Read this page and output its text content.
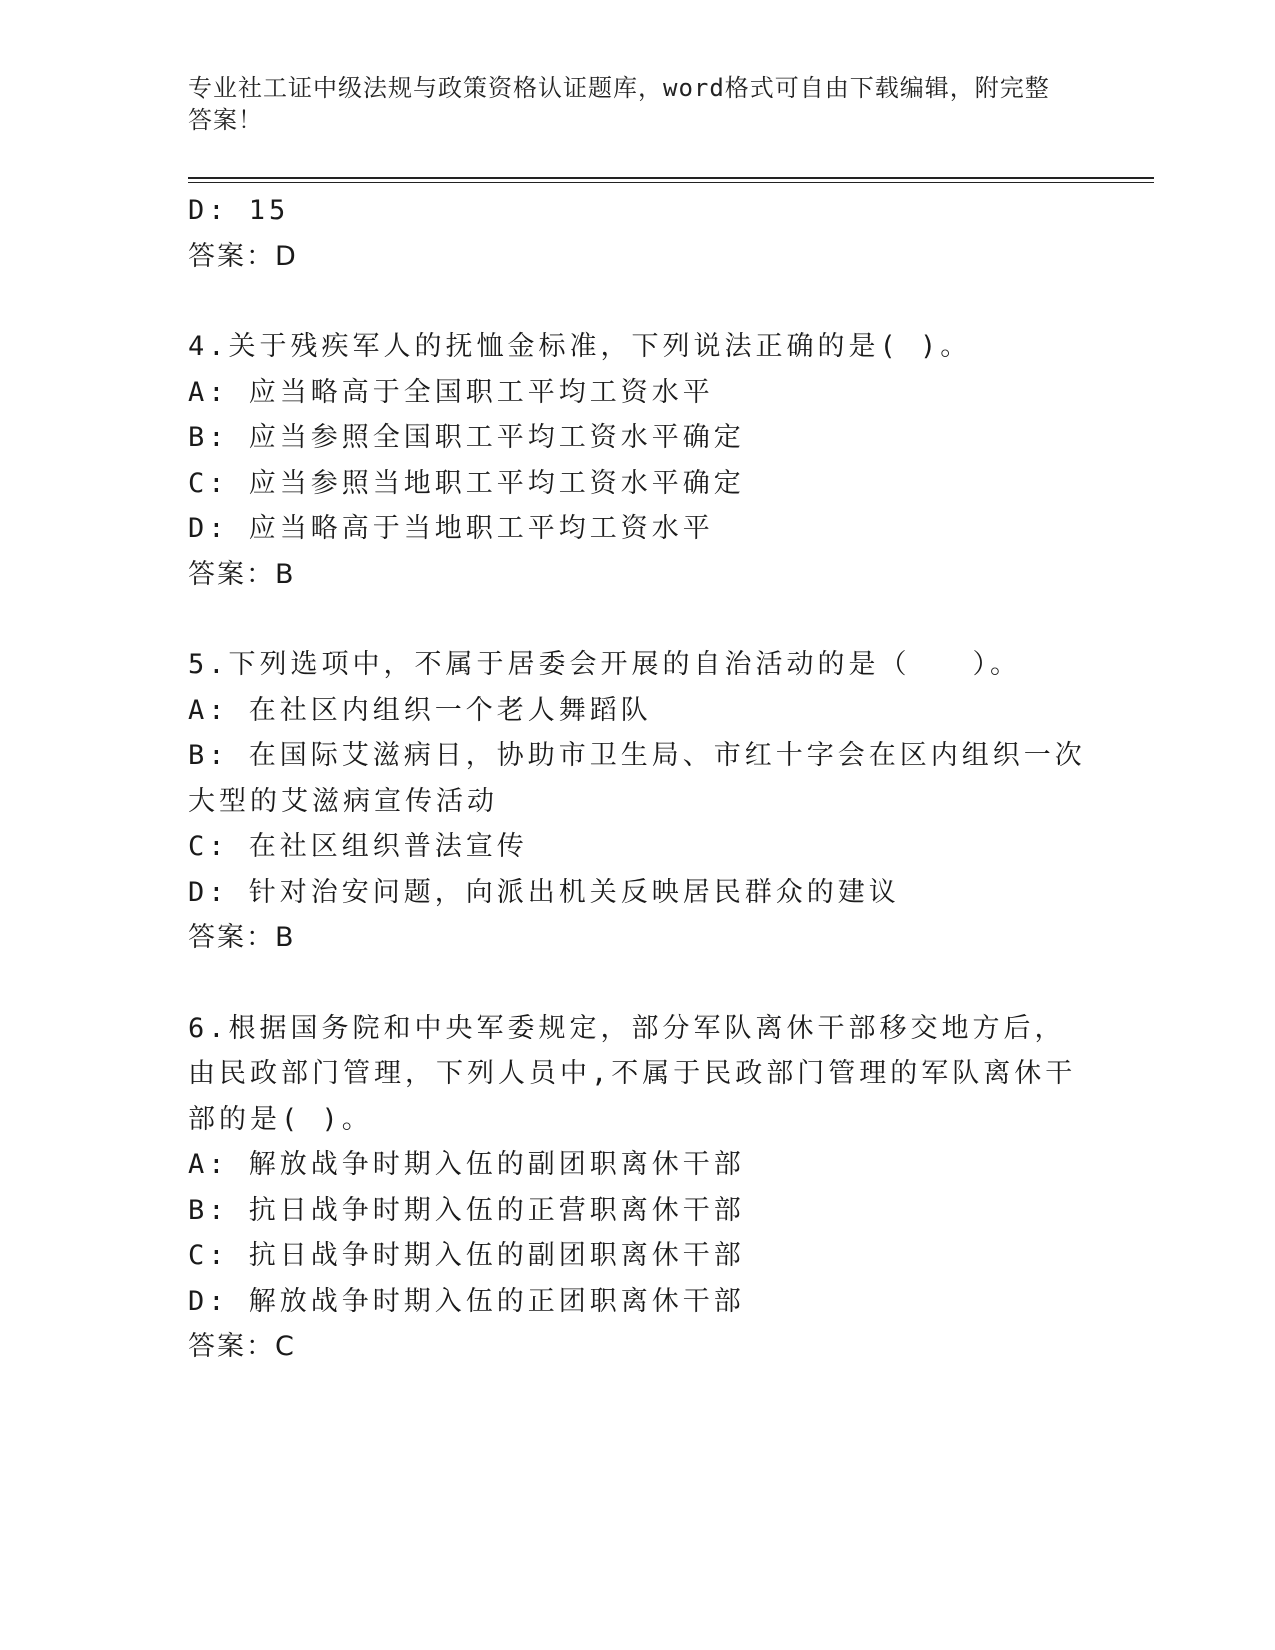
专业社工证中级法规与政策资格认证题库，word格式可自由下载编辑，附完整答案！
D: 15
答案：D
4.关于残疾军人的抚恤金标准，下列说法正确的是( )。
A: 应当略高于全国职工平均工资水平
B: 应当参照全国职工平均工资水平确定
C: 应当参照当地职工平均工资水平确定
D: 应当略高于当地职工平均工资水平
答案：B
5.下列选项中，不属于居委会开展的自治活动的是（　　）。
A: 在社区内组织一个老人舞蹈队
B: 在国际艾滋病日，协助市卫生局、市红十字会在区内组织一次大型的艾滋病宣传活动
C: 在社区组织普法宣传
D: 针对治安问题，向派出机关反映居民群众的建议
答案：B
6.根据国务院和中央军委规定，部分军队离休干部移交地方后，由民政部门管理，下列人员中,不属于民政部门管理的军队离休干部的是( )。
A: 解放战争时期入伍的副团职离休干部
B: 抗日战争时期入伍的正营职离休干部
C: 抗日战争时期入伍的副团职离休干部
D: 解放战争时期入伍的正团职离休干部
答案：C
